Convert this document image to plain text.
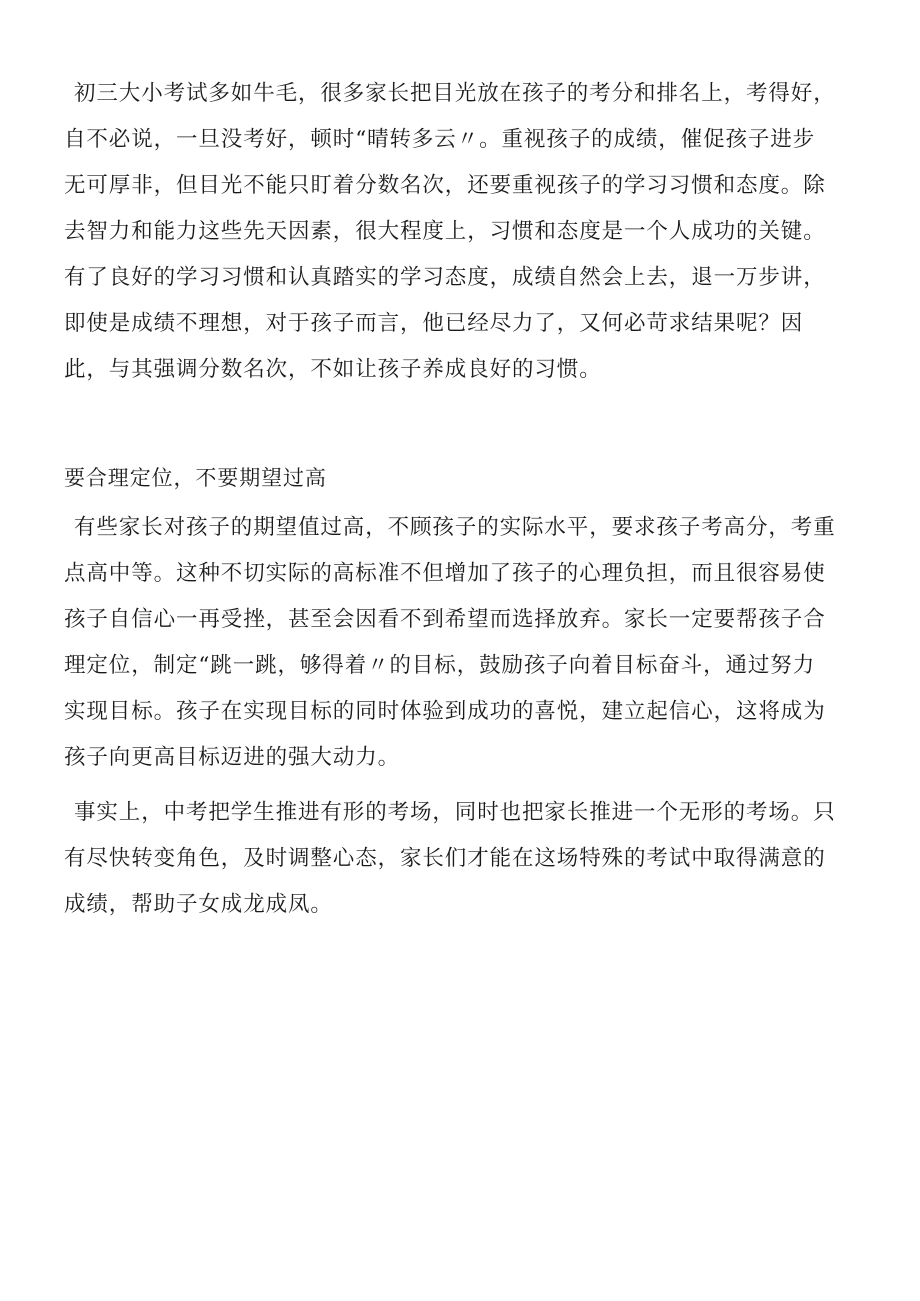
初三大小考试多如牛毛，很多家长把目光放在孩子的考分和排名上，考得好，
自不必说，一旦没考好，顿时“晴转多云〃。重视孩子的成绩，催促孩子进步
无可厚非，但目光不能只盯着分数名次，还要重视孩子的学习习惯和态度。除
去智力和能力这些先天因素，很大程度上，习惯和态度是一个人成功的关键。
有了良好的学习习惯和认真踏实的学习态度，成绩自然会上去，退一万步讲，
即使是成绩不理想，对于孩子而言，他已经尽力了，又何必苛求结果呢？因
此，与其强调分数名次，不如让孩子养成良好的习惯。
要合理定位，不要期望过高
有些家长对孩子的期望值过高，不顾孩子的实际水平，要求孩子考高分，考重
点高中等。这种不切实际的高标准不但增加了孩子的心理负担，而且很容易使
孩子自信心一再受挫，甚至会因看不到希望而选择放弃。家长一定要帮孩子合
理定位，制定“跳一跳，够得着〃的目标，鼓励孩子向着目标奋斗，通过努力
实现目标。孩子在实现目标的同时体验到成功的喜悦，建立起信心，这将成为
孩子向更高目标迈进的强大动力。
事实上，中考把学生推进有形的考场，同时也把家长推进一个无形的考场。只
有尽快转变角色，及时调整心态，家长们才能在这场特殊的考试中取得满意的
成绩，帮助子女成龙成凤。
